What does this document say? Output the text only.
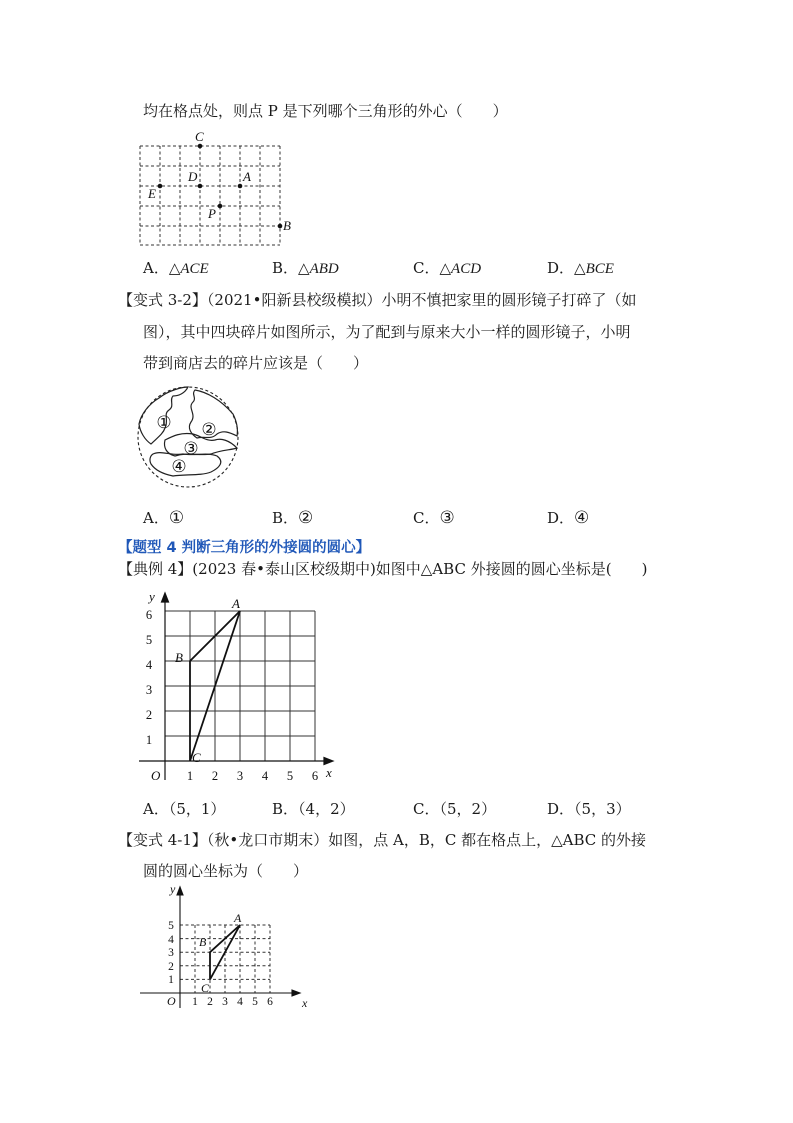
均在格点处，则点 P 是下列哪个三角形的外心（　　）
C
D	A
E
P
B
A．△ACE	B．△ABD	C．△ACD	D．△BCE
【变式 3-2】（2021•阳新县校级模拟）小明不慎把家里的圆形镜子打碎了（如
图），其中四块碎片如图所示，为了配到与原来大小一样的圆形镜子，小明
带到商店去的碎片应该是（　　）
① ②
③
④
A．①	B．②	C．③	D．④
【题型 4 判断三角形的外接圆的圆心】
【典例 4】(2023 春•泰山区校级期中)如图中△ABC 外接圆的圆心坐标是(　　)
1 2 3 4 5 6
1
2
3
4
5
6
O
y
x
A
B
C
A．（5，1）	B．（4，2）	C．（5，2）	D．（5，3）
【变式 4-1】（秋•龙口市期末）如图，点 A，B，C 都在格点上，△ABC 的外接
圆的圆心坐标为（　　）
1 2 3 4 5 6
1
2
3
4
5
O
y
x
A
B
C
